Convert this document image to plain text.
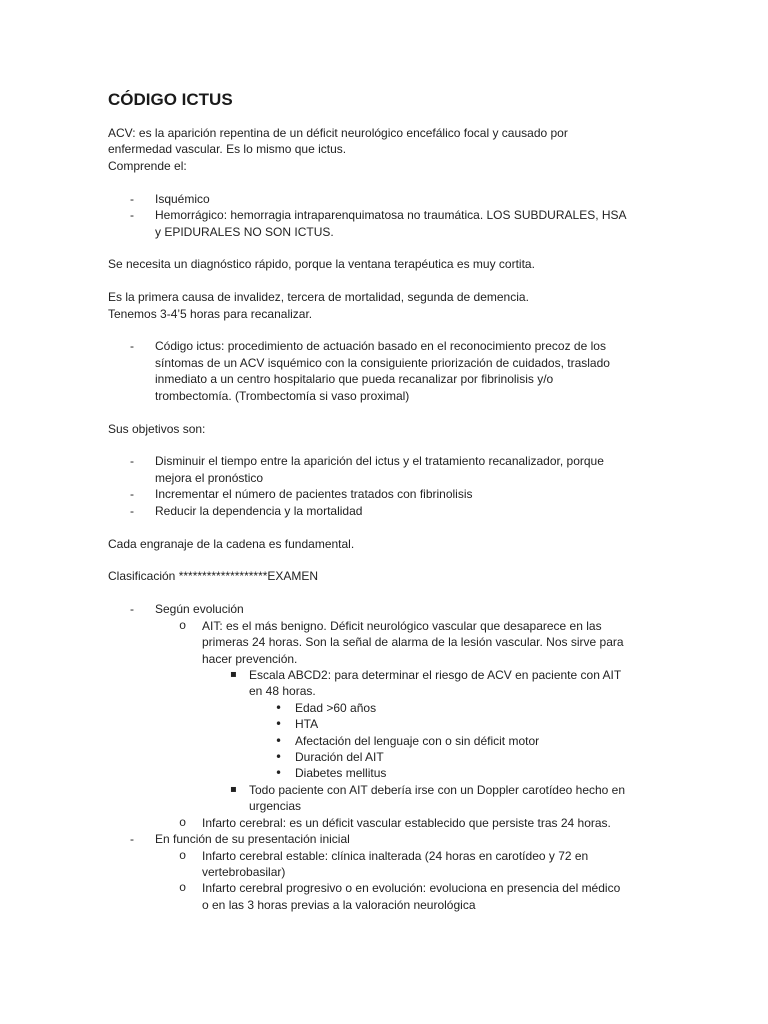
CÓDIGO ICTUS
ACV: es la aparición repentina de un déficit neurológico encefálico focal y causado por
enfermedad vascular. Es lo mismo que ictus.
Comprende el:
- Isquémico
- Hemorrágico: hemorragia intraparenquimatosa no traumática. LOS SUBDURALES, HSA
y EPIDURALES NO SON ICTUS.
Se necesita un diagnóstico rápido, porque la ventana terapéutica es muy cortita.
Es la primera causa de invalidez, tercera de mortalidad, segunda de demencia.
Tenemos 3-4’5 horas para recanalizar.
- Código ictus: procedimiento de actuación basado en el reconocimiento precoz de los
síntomas de un ACV isquémico con la consiguiente priorización de cuidados, traslado
inmediato a un centro hospitalario que pueda recanalizar por fibrinolisis y/o
trombectomía. (Trombectomía si vaso proximal)
Sus objetivos son:
- Disminuir el tiempo entre la aparición del ictus y el tratamiento recanalizador, porque
mejora el pronóstico
- Incrementar el número de pacientes tratados con fibrinolisis
- Reducir la dependencia y la mortalidad
Cada engranaje de la cadena es fundamental.
Clasificación *******************EXAMEN
- Según evolución
o AIT: es el más benigno. Déficit neurológico vascular que desaparece en las
primeras 24 horas. Son la señal de alarma de la lesión vascular. Nos sirve para
hacer prevención.
▪ Escala ABCD2: para determinar el riesgo de ACV en paciente con AIT
en 48 horas.
• Edad >60 años
• HTA
• Afectación del lenguaje con o sin déficit motor
• Duración del AIT
• Diabetes mellitus
▪ Todo paciente con AIT debería irse con un Doppler carotídeo hecho en
urgencias
o Infarto cerebral: es un déficit vascular establecido que persiste tras 24 horas.
- En función de su presentación inicial
o Infarto cerebral estable: clínica inalterada (24 horas en carotídeo y 72 en
vertebrobasilar)
o Infarto cerebral progresivo o en evolución: evoluciona en presencia del médico
o en las 3 horas previas a la valoración neurológica
